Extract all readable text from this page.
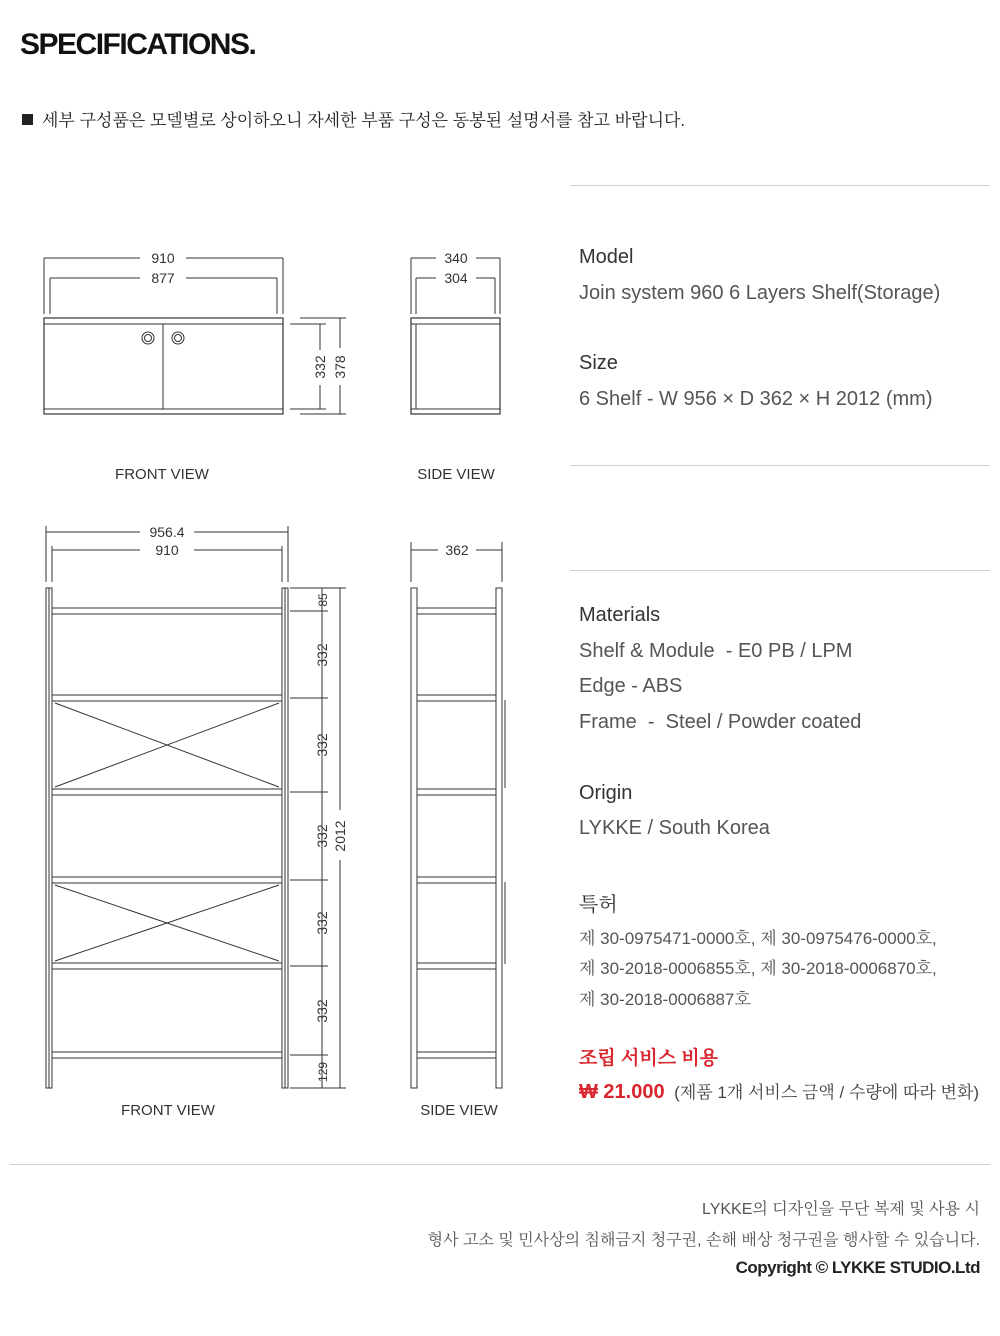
SPECIFICATIONS.
세부 구성품은 모델별로 상이하오니 자세한 부품 구성은 동봉된 설명서를 참고 바랍니다.
910
877
332 378
340
304
FRONT VIEW	SIDE VIEW
956.4
910
85
332
332
332
332
332
129
2012
362
FRONT VIEW	SIDE VIEW
Model
Join system 960 6 Layers Shelf(Storage)
Size
6 Shelf - W 956 × D 362 × H 2012 (mm)
Materials
Shelf & Module  - E0 PB / LPM
Edge - ABS
Frame  -  Steel / Powder coated
Origin
LYKKE / South Korea
특허
제 30-0975471-0000호, 제 30-0975476-0000호,
제 30-2018-0006855호, 제 30-2018-0006870호,
제 30-2018-0006887호
조립 서비스 비용
₩ 21.000 (제품 1개 서비스 금액 / 수량에 따라 변화)
LYKKE의 디자인을 무단 복제 및 사용 시
형사 고소 및 민사상의 침해금지 청구권, 손해 배상 청구권을 행사할 수 있습니다.
Copyright © LYKKE STUDIO.Ltd
